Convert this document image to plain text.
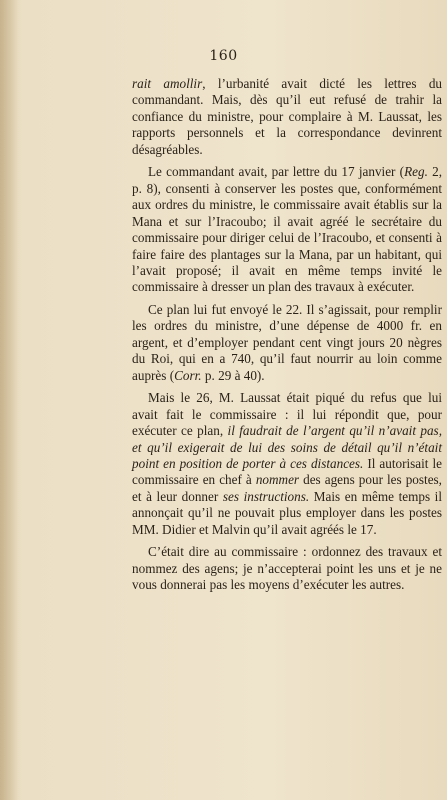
160

rait amollir, l’urbanité avait dicté les lettres du commandant. Mais, dès qu’il eut refusé de trahir la confiance du ministre, pour complaire à M. Laussat, les rapports personnels et la correspondance devinrent désagréables.

Le commandant avait, par lettre du 17 janvier (Reg. 2, p. 8), consenti à conserver les postes que, conformément aux ordres du ministre, le commissaire avait établis sur la Mana et sur l’Iracoubo; il avait agréé le secrétaire du commissaire pour diriger celui de l’Iracoubo, et consenti à faire faire des plantages sur la Mana, par un habitant, qui l’avait proposé; il avait en même temps invité le commissaire à dresser un plan des travaux à exécuter.

Ce plan lui fut envoyé le 22. Il s’agissait, pour remplir les ordres du ministre, d’une dépense de 4000 fr. en argent, et d’employer pendant cent vingt jours 20 nègres du Roi, qui en a 740, qu’il faut nourrir au loin comme auprès (Corr. p. 29 à 40).

Mais le 26, M. Laussat était piqué du refus que lui avait fait le commissaire : il lui répondit que, pour exécuter ce plan, il faudrait de l’argent qu’il n’avait pas, et qu’il exigerait de lui des soins de détail qu’il n’était point en position de porter à ces distances. Il autorisait le commissaire en chef à nommer des agens pour les postes, et à leur donner ses instructions. Mais en même temps il annonçait qu’il ne pouvait plus employer dans les postes MM. Didier et Malvin qu’il avait agréés le 17.

C’était dire au commissaire : ordonnez des travaux et nommez des agens; je n’accepterai point les uns et je ne vous donnerai pas les moyens d’exécuter les autres.
